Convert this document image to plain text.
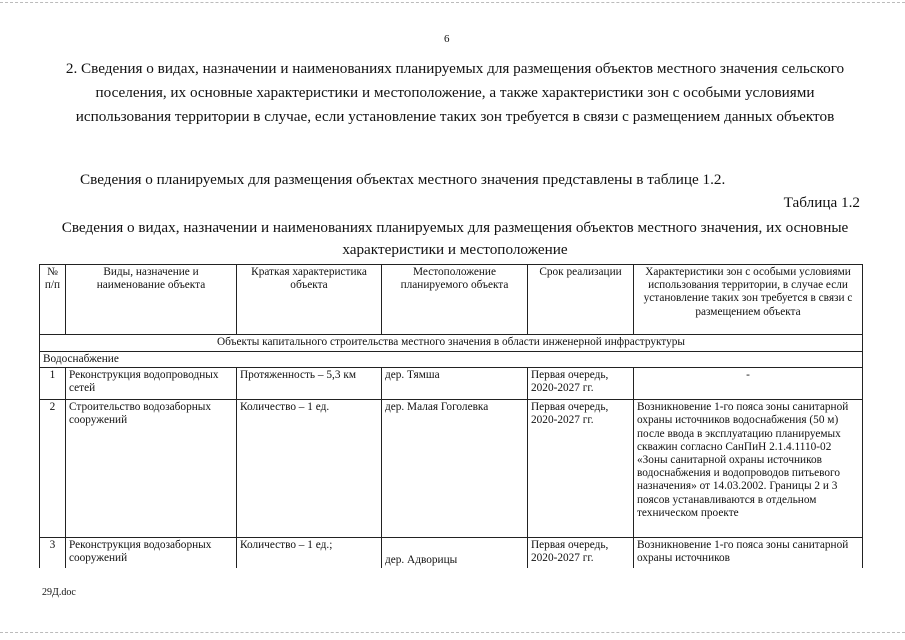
6
2. Сведения о видах, назначении и наименованиях планируемых для размещения объектов местного значения сельского поселения, их основные характеристики и местоположение, а также характеристики зон с особыми условиями использования территории в случае, если установление таких зон требуется в связи с размещением данных объектов
Сведения о планируемых для размещения объектах местного значения представлены в таблице 1.2.
Таблица 1.2
Сведения о видах, назначении и наименованиях планируемых для размещения объектов местного значения, их основные характеристики и местоположение
№ п/п	Виды, назначение и наименование объекта	Краткая характеристика объекта	Местоположение планируемого объекта	Срок реализации	Характеристики зон с особыми условиями использования территории, в случае если установление таких зон требуется в связи с размещением объекта
Объекты капитального строительства местного значения в области инженерной инфраструктуры					
Водоснабжение					
1	Реконструкция водопроводных сетей	Протяженность – 5,3 км	дер. Тямша	Первая очередь, 2020-2027 гг.	-
2	Строительство водозаборных сооружений	Количество – 1 ед.	дер. Малая Гоголевка	Первая очередь, 2020-2027 гг.	Возникновение 1-го пояса зоны санитарной охраны источников водоснабжения (50 м) после ввода в эксплуатацию планируемых скважин согласно СанПиН 2.1.4.1110-02 «Зоны санитарной охраны источников водоснабжения и водопроводов питьевого назначения» от 14.03.2002. Границы 2 и 3 поясов устанавливаются в отдельном техническом проекте
3	Реконструкция водозаборных сооружений	Количество – 1 ед.;	дер. Адворицы	Первая очередь, 2020-2027 гг.	Возникновение 1-го пояса зоны санитарной охраны источников
29Д.doc
